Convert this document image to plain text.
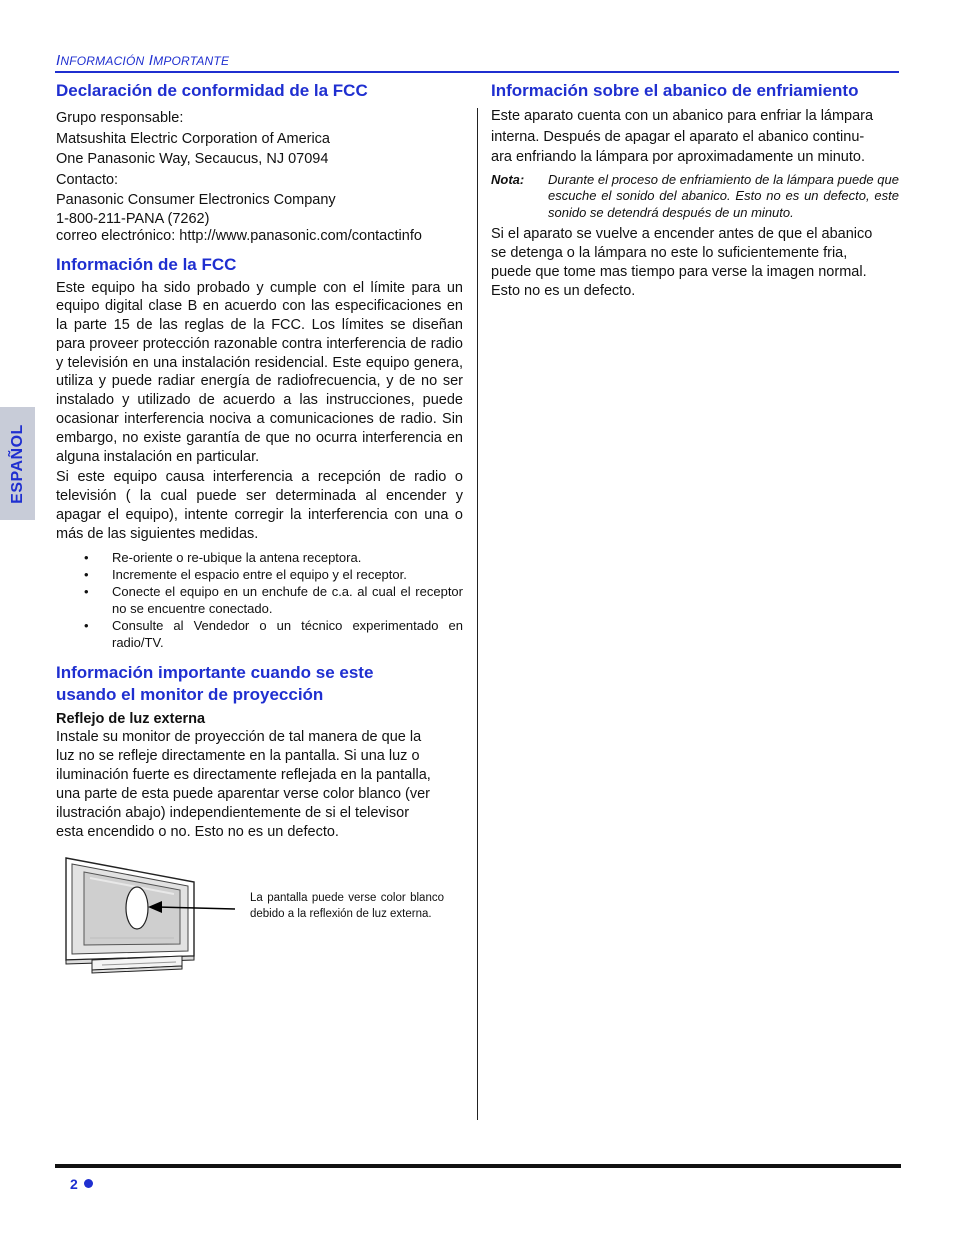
INFORMACIÓN IMPORTANTE
ESPAÑOL
Declaración de conformidad de la FCC

Grupo responsable:

Matsushita Electric Corporation of America

One Panasonic Way, Secaucus, NJ 07094

Contacto:

Panasonic Consumer Electronics Company

1-800-211-PANA (7262)

correo electrónico: http://www.panasonic.com/contactinfo

Información de la FCC

Este equipo ha sido probado y cumple con el límite para un equipo digital clase B en acuerdo con las especificaciones en la parte 15 de las reglas de la FCC. Los límites se diseñan para proveer protección razonable contra interferencia de radio y televisión en una instalación residencial. Este equipo genera, utiliza y puede radiar energía de radiofrecuencia, y de no ser instalado y utilizado de acuerdo a las instrucciones, puede ocasionar interferencia nociva a comunicaciones de radio. Sin embargo, no existe garantía de que no ocurra interferencia en alguna instalación en particular.

Si este equipo causa interferencia a recepción de radio o televisión ( la cual puede ser determinada al encender y apagar el equipo), intente corregir la interferencia con una o más de las siguientes medidas.

• Re-oriente o re-ubique la antena receptora.
• Incremente el espacio entre el equipo y el receptor.
• Conecte el equipo en un enchufe de c.a. al cual el receptor no se encuentre conectado.
• Consulte al Vendedor o un técnico experimentado en radio/TV.
Información importante cuando se este
usando el monitor de proyección

Reflejo de luz externa

Instale su monitor de proyección de tal manera de que la

luz no se refleje directamente en la pantalla. Si una luz o

iluminación fuerte es directamente reflejada en la pantalla,

una parte de esta puede aparentar verse color blanco (ver

ilustración abajo) independientemente de si el televisor

esta encendido o no. Esto no es un defecto.

La pantalla puede verse color blanco debido a la reflexión de luz externa.
Información sobre el abanico de enfriamiento

Este aparato cuenta con un abanico para enfriar la lámpara

interna. Después de apagar el aparato el abanico continu-

ara enfriando la lámpara por aproximadamente un minuto.

Nota:	Durante el proceso de enfriamiento de la lámpara puede que escuche el sonido del abanico. Esto no es un defecto, este sonido se detendrá después de un minuto.

Si el aparato se vuelve a encender antes de que el abanico

se detenga o la lámpara no este lo suficientemente fria,

puede que tome mas tiempo para verse la imagen normal.

Esto no es un defecto.

2
